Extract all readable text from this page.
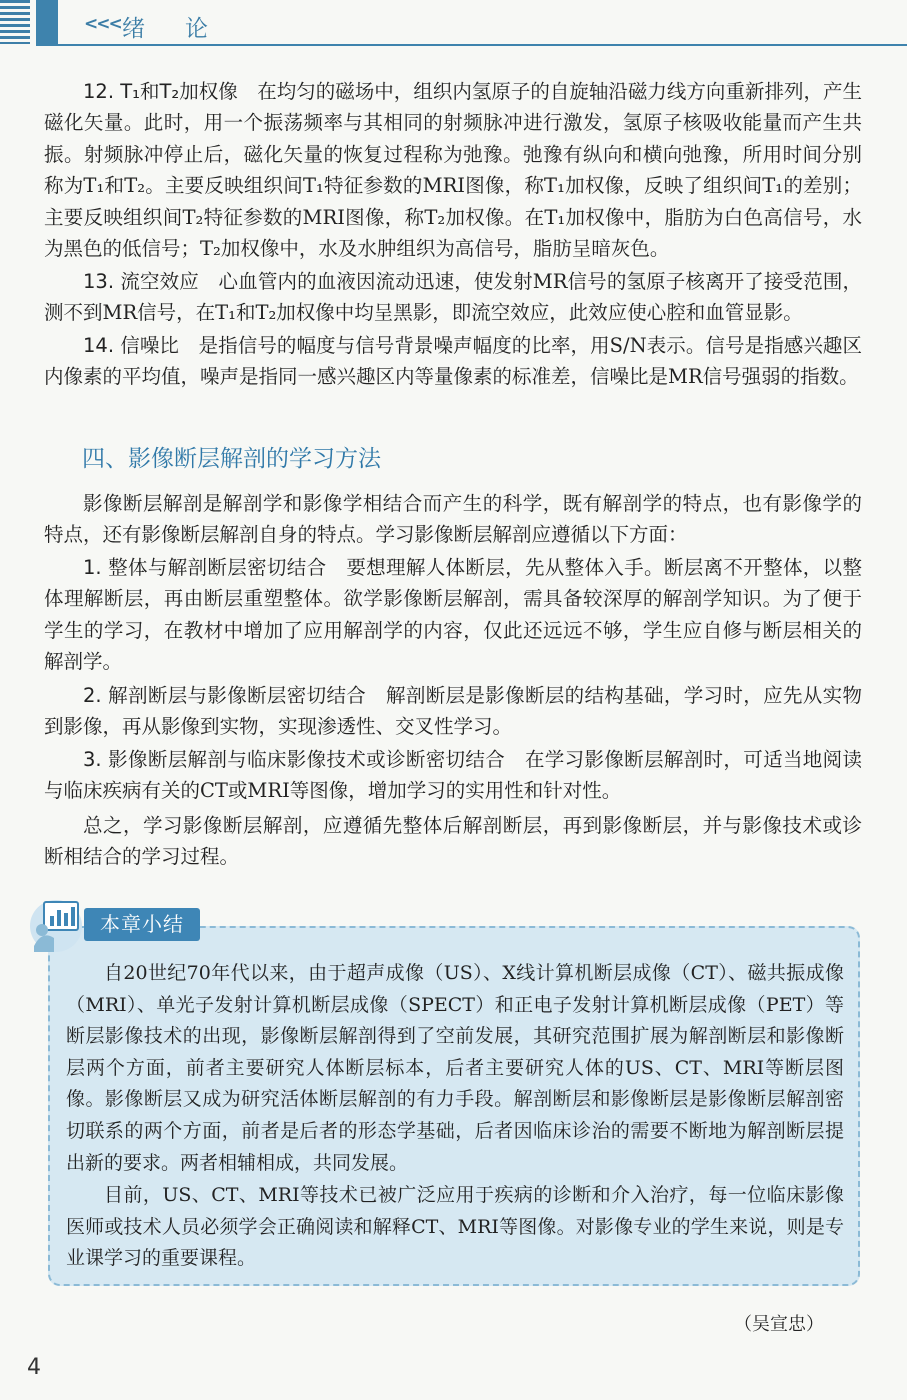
<<< 绪论

12. T₁和T₂加权像　 在均匀的磁场中，组织内氢原子的自旋轴沿磁力线方向重新排列，产生磁化矢量。此时，用一个振荡频率与其相同的射频脉冲进行激发，氢原子核吸收能量而产生共振。射频脉冲停止后，磁化矢量的恢复过程称为弛豫。弛豫有纵向和横向弛豫，所用时间分别称为T₁和T₂。主要反映组织间T₁特征参数的MRI图像，称T₁加权像，反映了组织间T₁的差别；主要反映组织间T₂特征参数的MRI图像，称T₂加权像。在T₁加权像中，脂肪为白色高信号，水为黑色的低信号；T₂加权像中，水及水肿组织为高信号，脂肪呈暗灰色。

13. 流空效应　 心血管内的血液因流动迅速，使发射MR信号的氢原子核离开了接受范围，测不到MR信号，在T₁和T₂加权像中均呈黑影，即流空效应，此效应使心腔和血管显影。

14. 信噪比　 是指信号的幅度与信号背景噪声幅度的比率，用S/N表示。信号是指感兴趣区内像素的平均值，噪声是指同一感兴趣区内等量像素的标准差，信噪比是MR信号强弱的指数。

四、影像断层解剖的学习方法

影像断层解剖是解剖学和影像学相结合而产生的科学，既有解剖学的特点，也有影像学的特点，还有影像断层解剖自身的特点。学习影像断层解剖应遵循以下方面：

1. 整体与解剖断层密切结合　 要想理解人体断层，先从整体入手。断层离不开整体，以整体理解断层，再由断层重塑整体。欲学影像断层解剖，需具备较深厚的解剖学知识。为了便于学生的学习，在教材中增加了应用解剖学的内容，仅此还远远不够，学生应自修与断层相关的解剖学。

2. 解剖断层与影像断层密切结合　 解剖断层是影像断层的结构基础，学习时，应先从实物到影像，再从影像到实物，实现渗透性、交叉性学习。

3. 影像断层解剖与临床影像技术或诊断密切结合　 在学习影像断层解剖时，可适当地阅读与临床疾病有关的CT或MRI等图像，增加学习的实用性和针对性。

总之，学习影像断层解剖，应遵循先整体后解剖断层，再到影像断层，并与影像技术或诊断相结合的学习过程。

本章小结

自20世纪70年代以来，由于超声成像（US）、X线计算机断层成像（CT）、磁共振成像（MRI）、单光子发射计算机断层成像（SPECT）和正电子发射计算机断层成像（PET）等断层影像技术的出现，影像断层解剖得到了空前发展，其研究范围扩展为解剖断层和影像断层两个方面，前者主要研究人体断层标本，后者主要研究人体的US、CT、MRI等断层图像。影像断层又成为研究活体断层解剖的有力手段。解剖断层和影像断层是影像断层解剖密切联系的两个方面，前者是后者的形态学基础，后者因临床诊治的需要不断地为解剖断层提出新的要求。两者相辅相成，共同发展。

目前，US、CT、MRI等技术已被广泛应用于疾病的诊断和介入治疗，每一位临床影像医师或技术人员必须学会正确阅读和解释CT、MRI等图像。对影像专业的学生来说，则是专业课学习的重要课程。

（吴宣忠）

4
